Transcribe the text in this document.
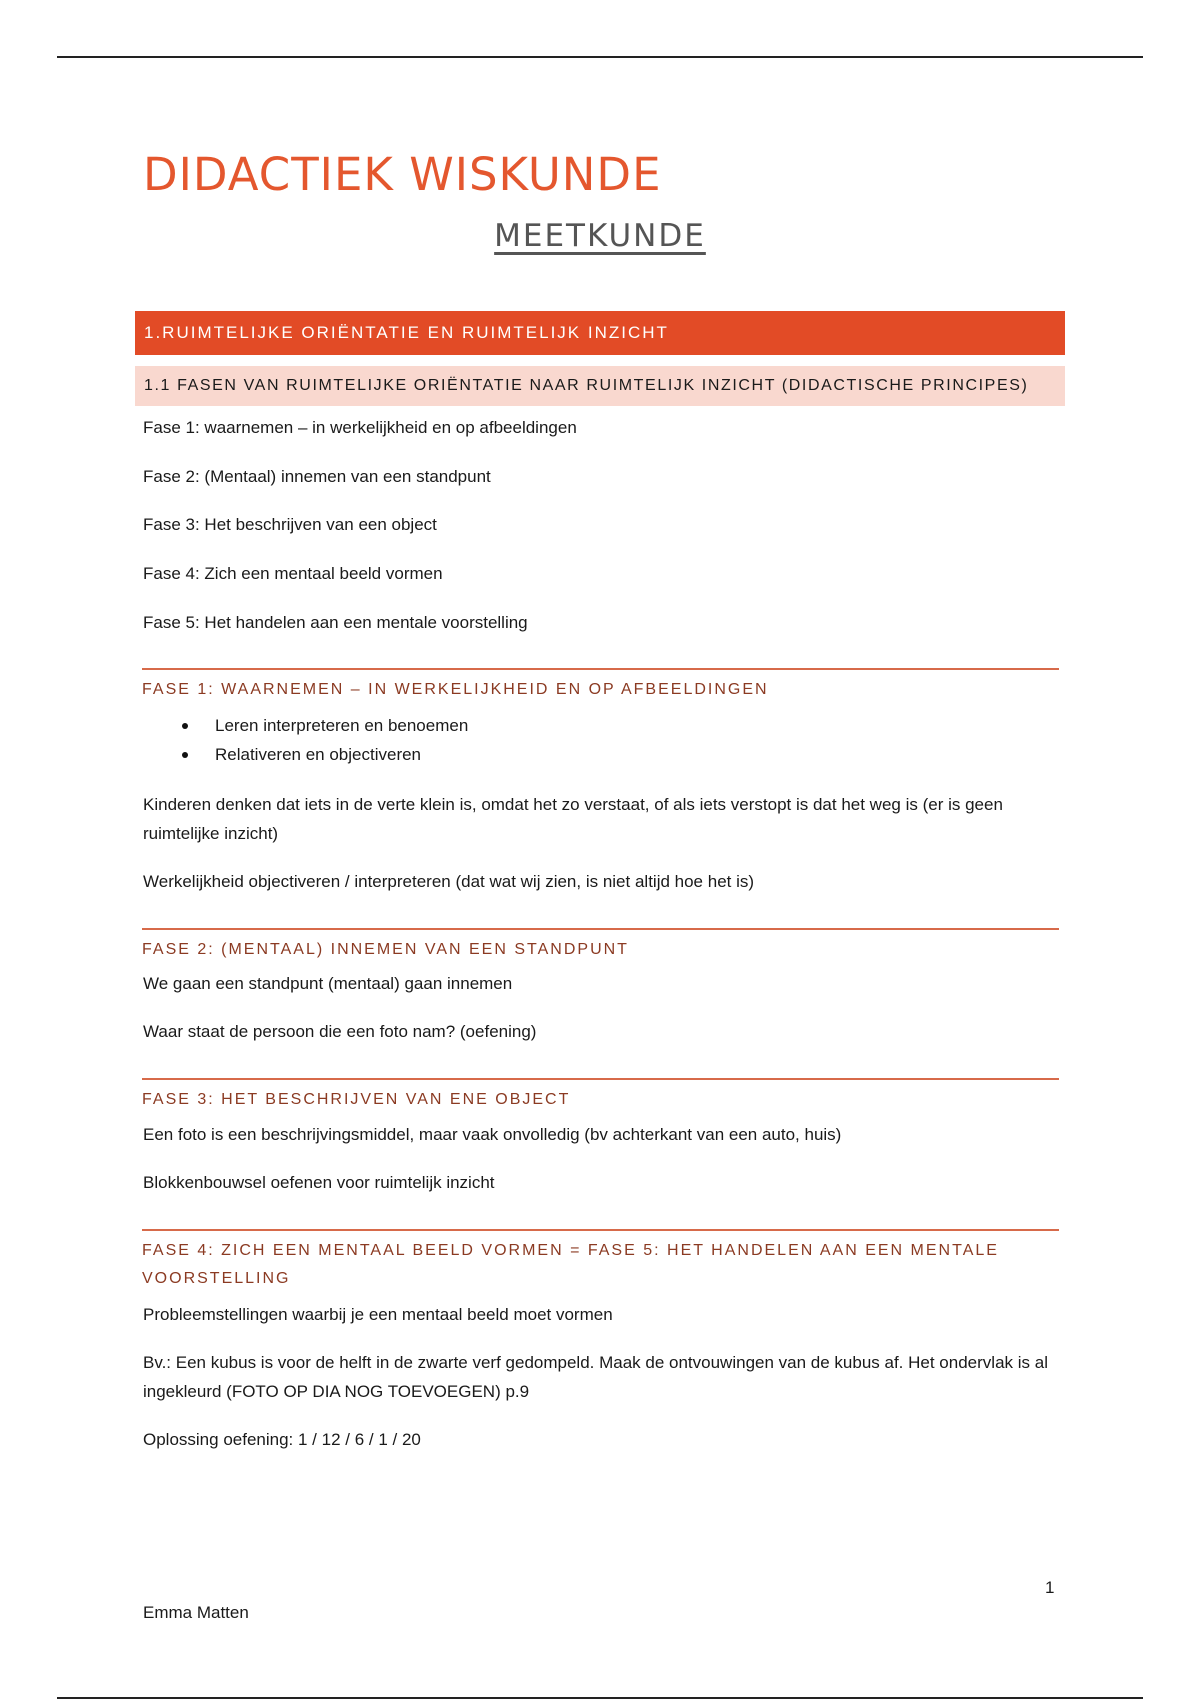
DIDACTIEK WISKUNDE
MEETKUNDE
1.RUIMTELIJKE ORIËNTATIE EN RUIMTELIJK INZICHT
1.1 FASEN VAN RUIMTELIJKE ORIËNTATIE NAAR RUIMTELIJK INZICHT (DIDACTISCHE PRINCIPES)
Fase 1: waarnemen – in werkelijkheid en op afbeeldingen
Fase 2: (Mentaal) innemen van een standpunt
Fase 3: Het beschrijven van een object
Fase 4: Zich een mentaal beeld vormen
Fase 5: Het handelen aan een mentale voorstelling
FASE 1: WAARNEMEN – IN WERKELIJKHEID EN OP AFBEELDINGEN
Leren interpreteren en benoemen
Relativeren en objectiveren
Kinderen denken dat iets in de verte klein is, omdat het zo verstaat, of als iets verstopt is dat het weg is (er is geen ruimtelijke inzicht)
Werkelijkheid objectiveren / interpreteren (dat wat wij zien, is niet altijd hoe het is)
FASE 2: (MENTAAL) INNEMEN VAN EEN STANDPUNT
We gaan een standpunt (mentaal) gaan innemen
Waar staat de persoon die een foto nam? (oefening)
FASE 3: HET BESCHRIJVEN VAN ENE OBJECT
Een foto is een beschrijvingsmiddel, maar vaak onvolledig (bv achterkant van een auto, huis)
Blokkenbouwsel oefenen voor ruimtelijk inzicht
FASE 4: ZICH EEN MENTAAL BEELD VORMEN = FASE 5: HET HANDELEN AAN EEN MENTALE VOORSTELLING
Probleemstellingen waarbij je een mentaal beeld moet vormen
Bv.: Een kubus is voor de helft in de zwarte verf gedompeld. Maak de ontvouwingen van de kubus af. Het ondervlak is al ingekleurd (FOTO OP DIA NOG TOEVOEGEN) p.9
Oplossing oefening: 1 / 12 / 6 / 1 / 20
1
Emma Matten
